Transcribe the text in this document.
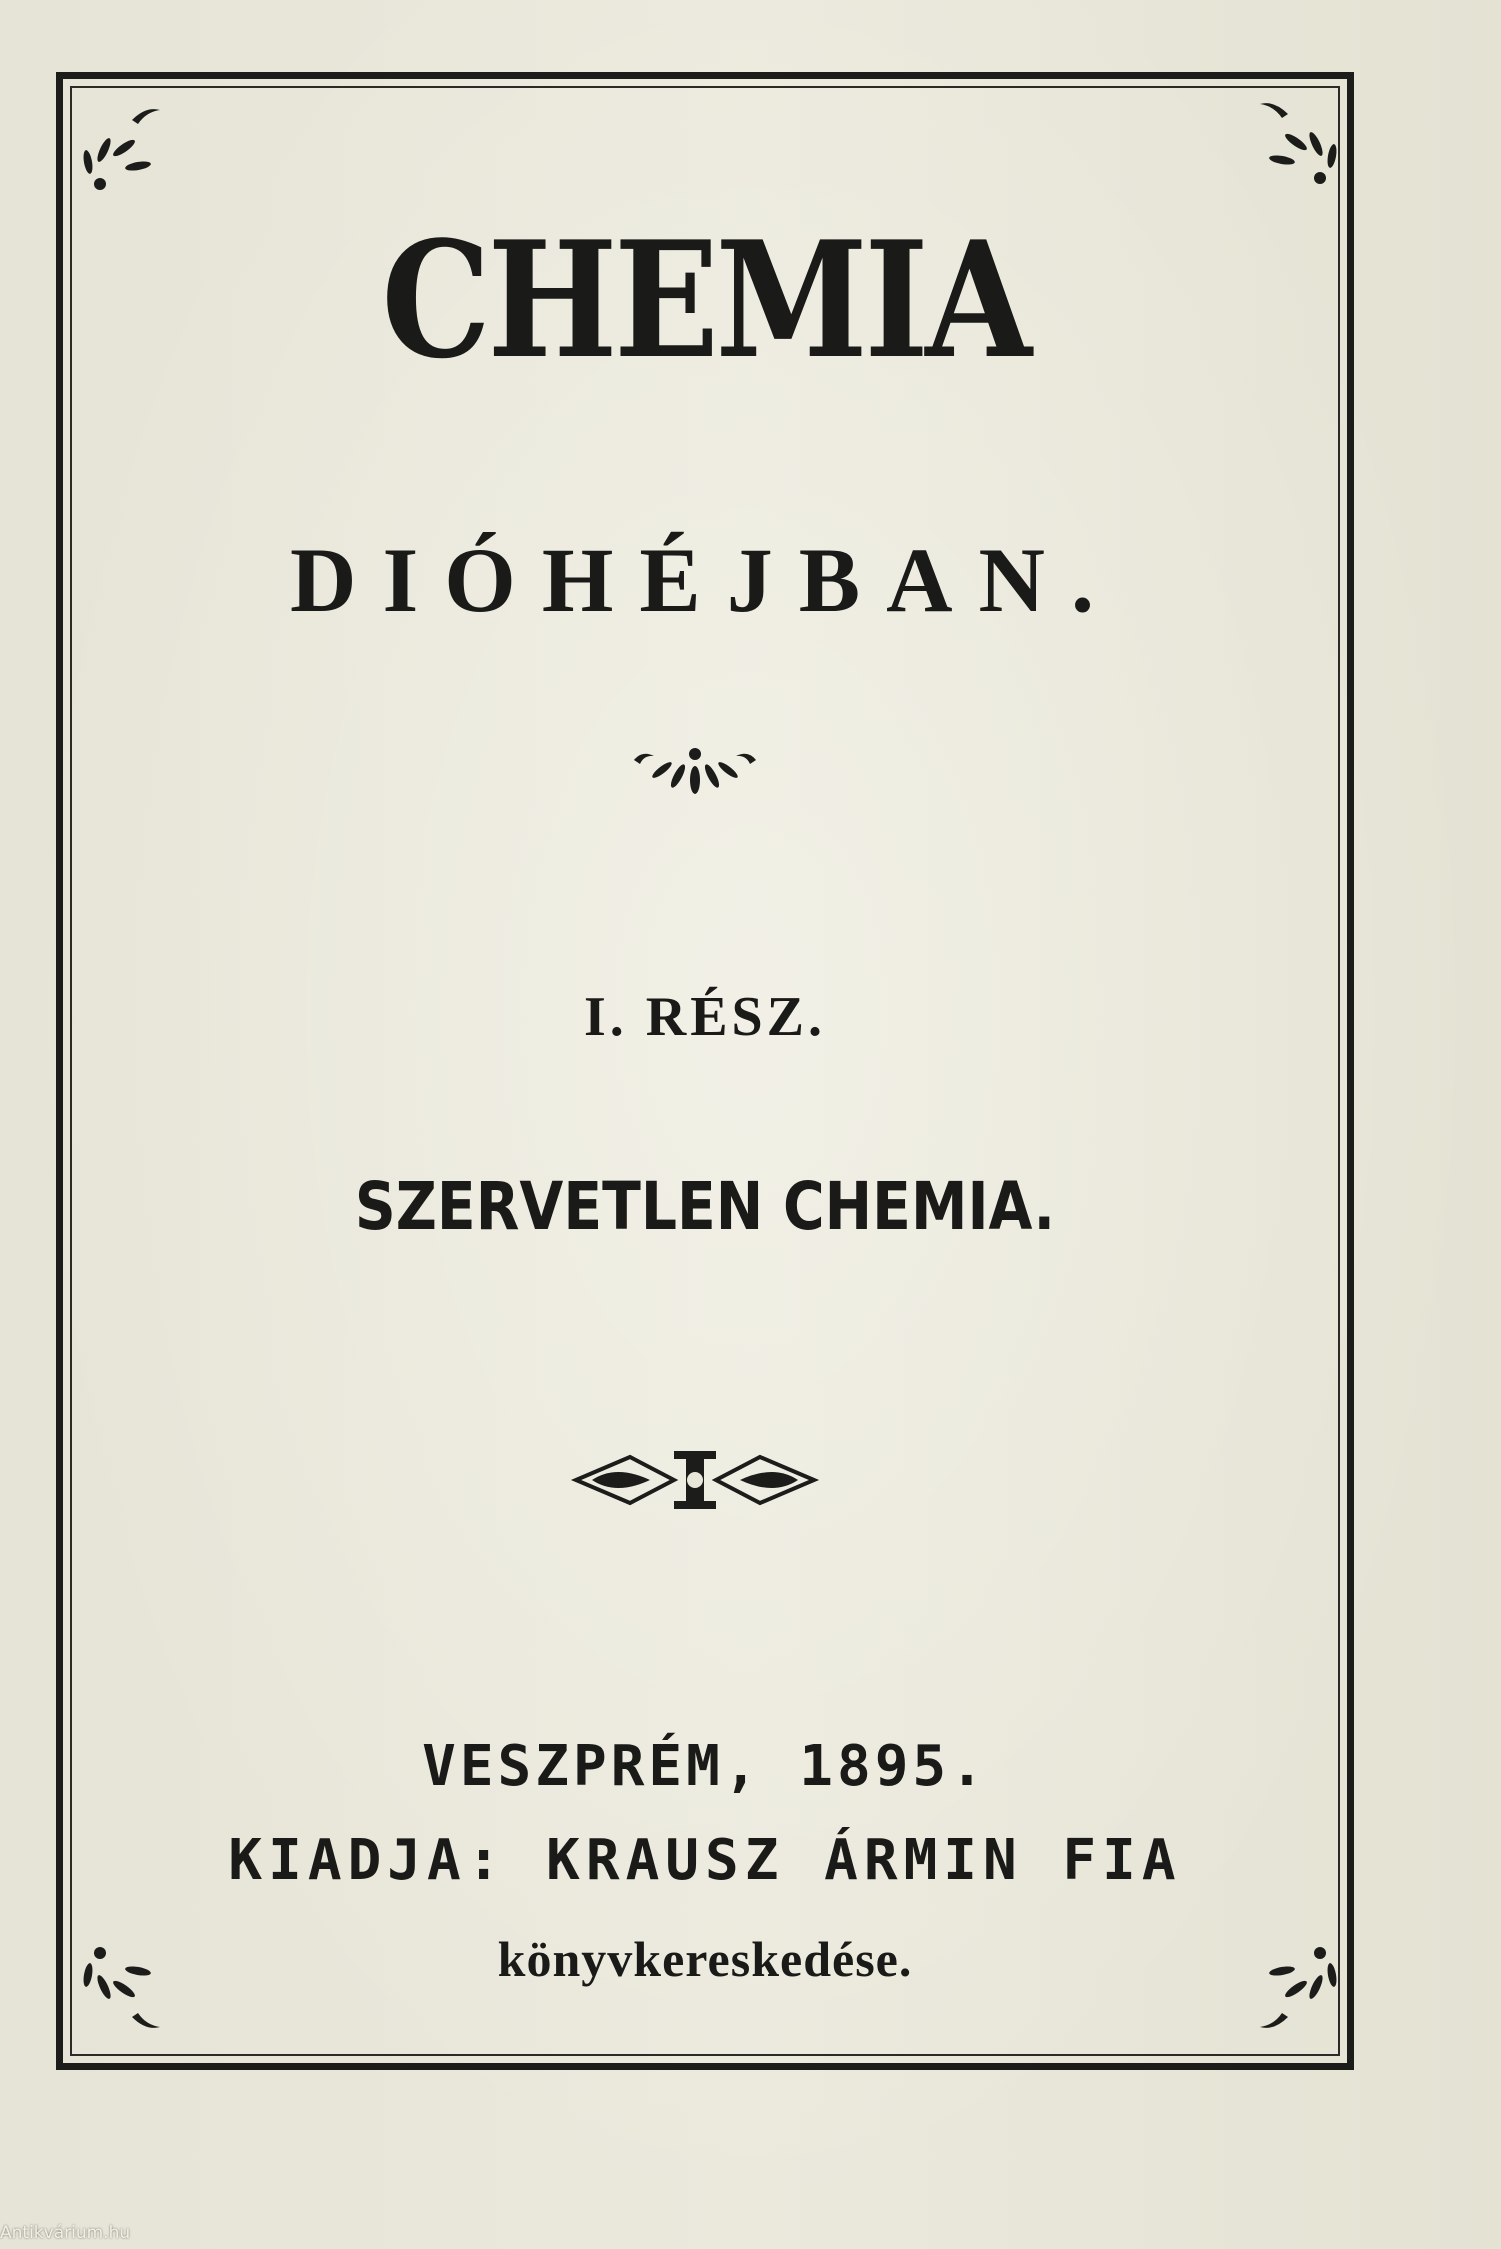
CHEMIA
DIÓHÉJBAN.
I. RÉSZ.
SZERVETLEN CHEMIA.
VESZPRÉM, 1895.
KIADJA: KRAUSZ ÁRMIN FIA
könyvkereskedése.
Antikvárium.hu
